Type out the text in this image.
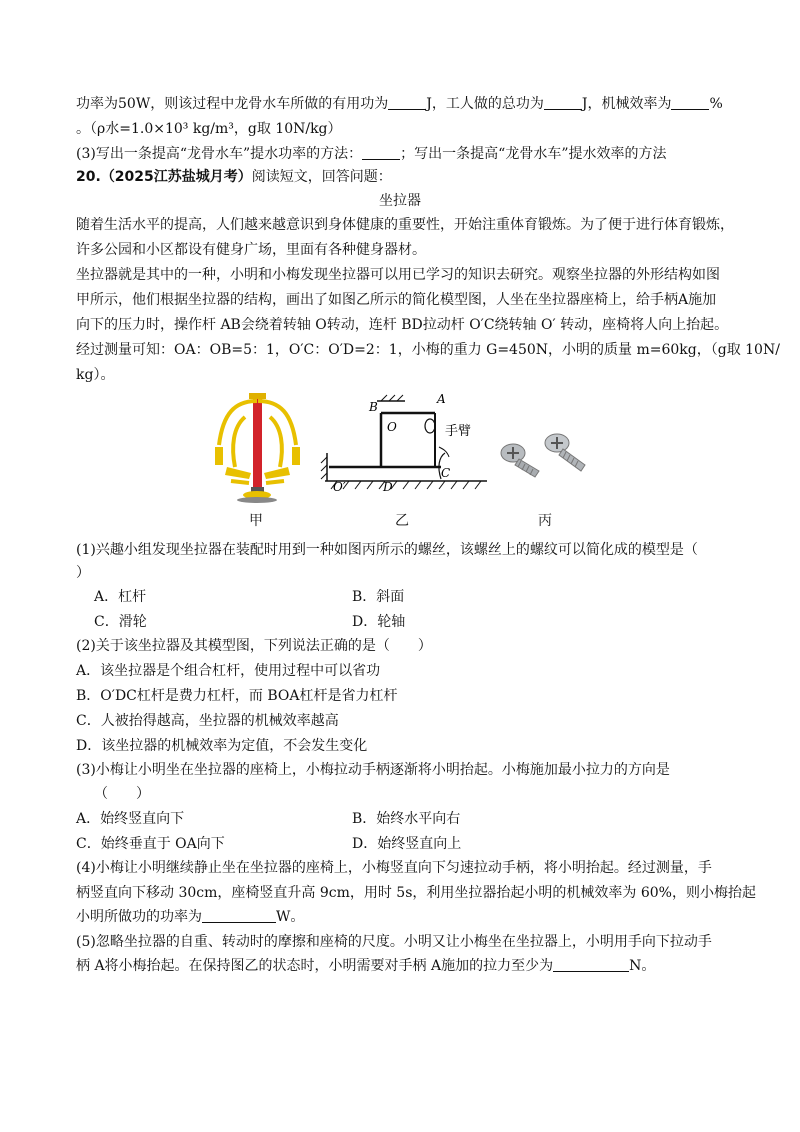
功率为50W，则该过程中龙骨水车所做的有用功为	J，工人做的总功为	J，机械效率为	%
。（ρ水=1.0×10³ kg/m³，g取 10N/kg）
(3)写出一条提高“龙骨水车”提水功率的方法：	；写出一条提高“龙骨水车”提水效率的方法
20.（2025江苏盐城月考）阅读短文，回答问题：
坐拉器
随着生活水平的提高，人们越来越意识到身体健康的重要性，开始注重体育锻炼。为了便于进行体育锻炼，
许多公园和小区都设有健身广场，里面有各种健身器材。
坐拉器就是其中的一种，小明和小梅发现坐拉器可以用已学习的知识去研究。观察坐拉器的外形结构如图
甲所示，他们根据坐拉器的结构，画出了如图乙所示的简化模型图，人坐在坐拉器座椅上，给手柄A施加
向下的压力时，操作杆 AB会绕着转轴 O转动，连杆 BD拉动杆 O′C绕转轴 O′ 转动，座椅将人向上抬起。
经过测量可知：OA：OB=5：1，O′C：O′D=2：1，小梅的重力 G=450N，小明的质量 m=60kg，（g取 10N/
kg）。
甲
B
A
O	手臂
C
D
O′
乙	丙
(1)兴趣小组发现坐拉器在装配时用到一种如图丙所示的螺丝，该螺丝上的螺纹可以简化成的模型是（
）
A．杠杆	B．斜面
C．滑轮	D．轮轴
(2)关于该坐拉器及其模型图，下列说法正确的是（　　）
A．该坐拉器是个组合杠杆，使用过程中可以省功
B．O′DC杠杆是费力杠杆，而 BOA杠杆是省力杠杆
C．人被抬得越高，坐拉器的机械效率越高
D．该坐拉器的机械效率为定值，不会发生变化
(3)小梅让小明坐在坐拉器的座椅上，小梅拉动手柄逐渐将小明抬起。小梅施加最小拉力的方向是
（　　）
A．始终竖直向下	B．始终水平向右
C．始终垂直于 OA向下	D．始终竖直向上
(4)小梅让小明继续静止坐在坐拉器的座椅上，小梅竖直向下匀速拉动手柄，将小明抬起。经过测量，手
柄竖直向下移动 30cm，座椅竖直升高 9cm，用时 5s，利用坐拉器抬起小明的机械效率为 60%，则小梅抬起
小明所做功的功率为	W。
(5)忽略坐拉器的自重、转动时的摩擦和座椅的尺度。小明又让小梅坐在坐拉器上，小明用手向下拉动手
柄 A将小梅抬起。在保持图乙的状态时，小明需要对手柄 A施加的拉力至少为	N。
